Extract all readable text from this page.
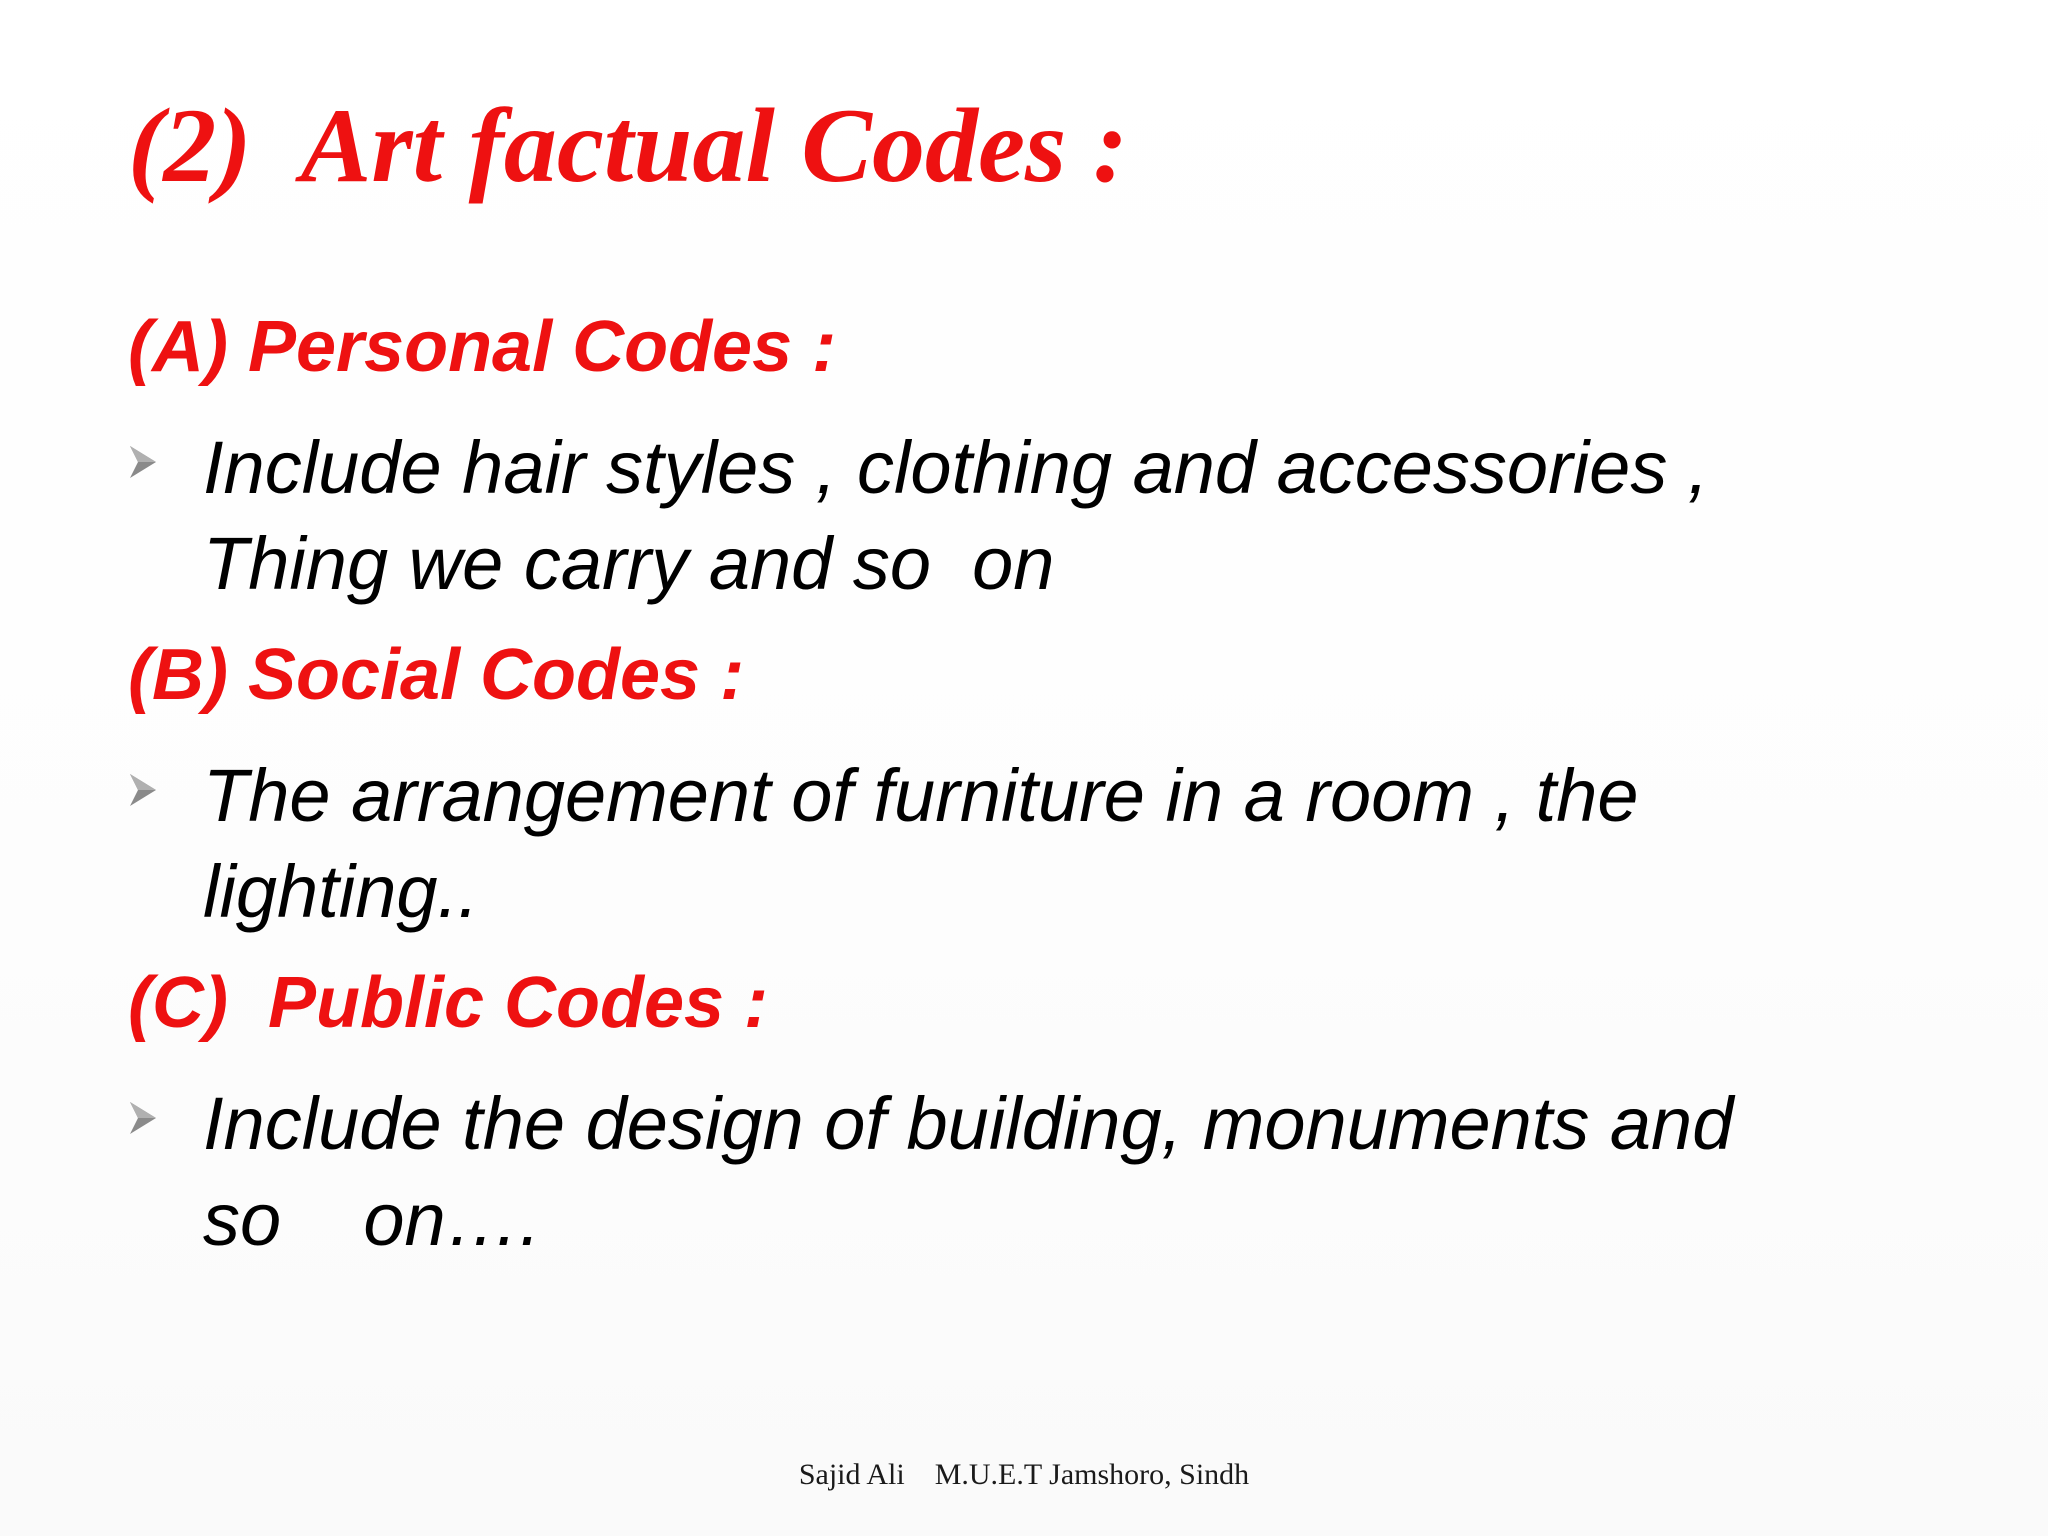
(2)  Art factual Codes :
(A) Personal Codes :

Include hair styles , clothing and accessories ,
Thing we carry and so  on

(B) Social Codes :

The arrangement of furniture in a room , the
lighting..

(C)  Public Codes :

Include the design of building, monuments and
so    on….

Sajid Ali    M.U.E.T Jamshoro, Sindh
